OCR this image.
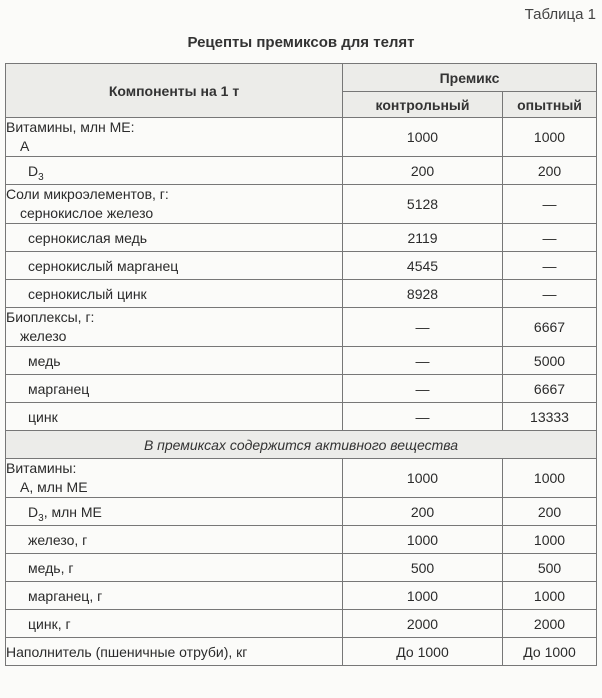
Таблица 1
Рецепты премиксов для телят
Компоненты на 1 т	Премикс	
	контрольный	опытный

Витамины, млн МЕ:
А	1000	1000
$D_3$	200	200

Соли микроэлементов, г:
сернокислое железо	5128	—
сернокислая медь	2119	—
сернокислый марганец	4545	—
сернокислый цинк	8928	—

Биоплексы, г:
железо	—	6667
медь	—	5000
марганец	—	6667
цинк	—	13333
В премиксах содержится активного вещества		

Витамины:
А, млн МЕ	1000	1000
$D_3$, млн МЕ	200	200
железо, г	1000	1000
медь, г	500	500
марганец, г	1000	1000
цинк, г	2000	2000
Наполнитель (пшеничные отруби), кг	До 1000	До 1000
